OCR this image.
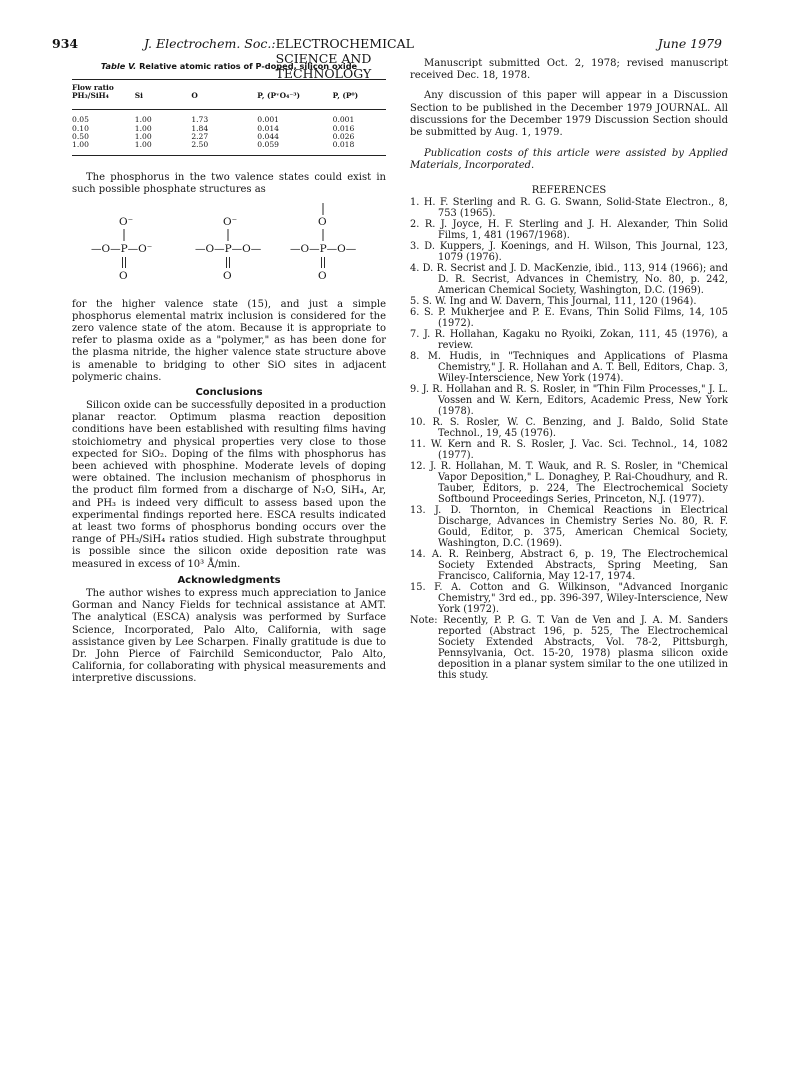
934	J. Electrochem. Soc.: ELECTROCHEMICAL SCIENCE AND TECHNOLOGY
June 1979
Table V. Relative atomic ratios of P-doped, silicon oxide

Flow ratio
PH₃/SiH₄	Si	O	P, (PᵛO₄⁻³)	P, (P⁰)

0.05	1.00	1.73	0.001	0.001
0.10	1.00	1.84	0.014	0.016
0.50	1.00	2.27	0.044	0.026
1.00	1.00	2.50	0.059	0.018

The phosphorus in the two valence states could exist in such possible phosphate structures as

O⁻
—O—P—O⁻
O
O⁻
—O—P—O—
O
O
—O—P—O—
O

for the higher valence state (15), and just a simple phosphorus elemental matrix inclusion is considered for the zero valence state of the atom. Because it is appropriate to refer to plasma oxide as a "polymer," as has been done for the plasma nitride, the higher valence state structure above is amenable to bridging to other SiO sites in adjacent polymeric chains.

Conclusions

Silicon oxide can be successfully deposited in a production planar reactor. Optimum plasma reaction deposition conditions have been established with resulting films having stoichiometry and physical properties very close to those expected for SiO₂. Doping of the films with phosphorus has been achieved with phosphine. Moderate levels of doping were obtained. The inclusion mechanism of phosphorus in the product film formed from a discharge of N₂O, SiH₄, Ar, and PH₃ is indeed very difficult to assess based upon the experimental findings reported here. ESCA results indicated at least two forms of phosphorus bonding occurs over the range of PH₃/SiH₄ ratios studied. High substrate throughput is possible since the silicon oxide deposition rate was measured in excess of 10³ Å/min.

Acknowledgments

The author wishes to express much appreciation to Janice Gorman and Nancy Fields for technical assistance at AMT. The analytical (ESCA) analysis was performed by Surface Science, Incorporated, Palo Alto, California, with sage assistance given by Lee Scharpen. Finally gratitude is due to Dr. John Pierce of Fairchild Semiconductor, Palo Alto, California, for collaborating with physical measurements and interpretive discussions.

Manuscript submitted Oct. 2, 1978; revised manuscript received Dec. 18, 1978.

Any discussion of this paper will appear in a Discussion Section to be published in the December 1979 JOURNAL. All discussions for the December 1979 Discussion Section should be submitted by Aug. 1, 1979.

Publication costs of this article were assisted by Applied Materials, Incorporated.

REFERENCES

1. H. F. Sterling and R. G. G. Swann, Solid-State Electron., 8, 753 (1965).

2. R. J. Joyce, H. F. Sterling and J. H. Alexander, Thin Solid Films, 1, 481 (1967/1968).

3. D. Kuppers, J. Koenings, and H. Wilson, This Journal, 123, 1079 (1976).

4. D. R. Secrist and J. D. MacKenzie, ibid., 113, 914 (1966); and D. R. Secrist, Advances in Chemistry, No. 80, p. 242, American Chemical Society, Washington, D.C. (1969).

5. S. W. Ing and W. Davern, This Journal, 111, 120 (1964).

6. S. P. Mukherjee and P. E. Evans, Thin Solid Films, 14, 105 (1972).

7. J. R. Hollahan, Kagaku no Ryoiki, Zokan, 111, 45 (1976), a review.

8. M. Hudis, in "Techniques and Applications of Plasma Chemistry," J. R. Hollahan and A. T. Bell, Editors, Chap. 3, Wiley-Interscience, New York (1974).

9. J. R. Hollahan and R. S. Rosler, in "Thin Film Processes," J. L. Vossen and W. Kern, Editors, Academic Press, New York (1978).

10. R. S. Rosler, W. C. Benzing, and J. Baldo, Solid State Technol., 19, 45 (1976).

11. W. Kern and R. S. Rosler, J. Vac. Sci. Technol., 14, 1082 (1977).

12. J. R. Hollahan, M. T. Wauk, and R. S. Rosler, in "Chemical Vapor Deposition," L. Donaghey, P. Rai-Choudhury, and R. Tauber, Editors, p. 224, The Electrochemical Society Softbound Proceedings Series, Princeton, N.J. (1977).

13. J. D. Thornton, in Chemical Reactions in Electrical Discharge, Advances in Chemistry Series No. 80, R. F. Gould, Editor, p. 375, American Chemical Society, Washington, D.C. (1969).

14. A. R. Reinberg, Abstract 6, p. 19, The Electrochemical Society Extended Abstracts, Spring Meeting, San Francisco, California, May 12-17, 1974.

15. F. A. Cotton and G. Wilkinson, "Advanced Inorganic Chemistry," 3rd ed., pp. 396-397, Wiley-Interscience, New York (1972).

Note: Recently, P. P. G. T. Van de Ven and J. A. M. Sanders reported (Abstract 196, p. 525, The Electrochemical Society Extended Abstracts, Vol. 78-2, Pittsburgh, Pennsylvania, Oct. 15-20, 1978) plasma silicon oxide deposition in a planar system similar to the one utilized in this study.
